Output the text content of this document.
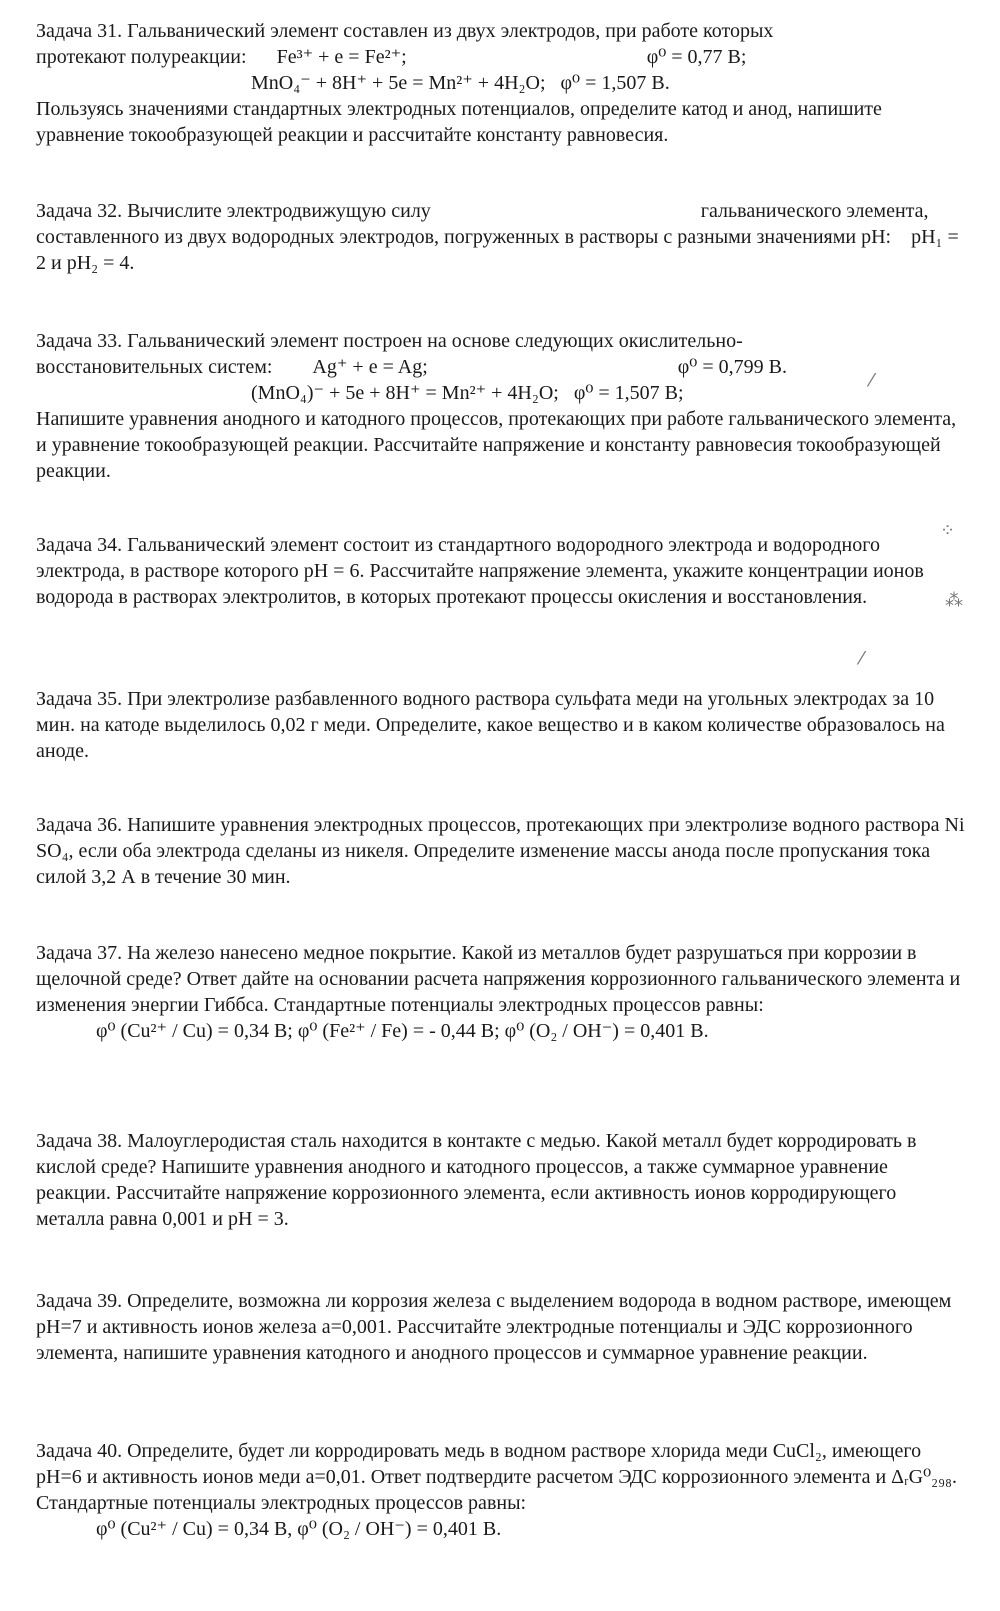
Задача 31. Гальванический элемент составлен из двух электродов, при работе которых

протекают полуреакции: Fe³⁺ + e = Fe²⁺;	φ⁰ = 0,77 В;

MnO₄⁻ + 8H⁺ + 5e = Mn²⁺ + 4H₂O; φ⁰ = 1,507 В.

Пользуясь значениями стандартных электродных потенциалов, определите катод и анод, напишите уравнение токообразующей реакции и рассчитайте константу равновесия.

Задача 32. Вычислите электродвижущую силу	гальванического элемента, составленного из двух водородных электродов, погруженных в растворы с разными значениями pH: pH₁ = 2 и pH₂ = 4.

Задача 33. Гальванический элемент построен на основе следующих окислительно-

восстановительных систем: Ag⁺ + e = Ag;	φ⁰ = 0,799 В.

(MnO₄)⁻ + 5e + 8H⁺ = Mn²⁺ + 4H₂O; φ⁰ = 1,507 В;

Напишите уравнения анодного и катодного процессов, протекающих при работе гальванического элемента, и уравнение токообразующей реакции. Рассчитайте напряжение и константу равновесия токообразующей реакции.

Задача 34. Гальванический элемент состоит из стандартного водородного электрода и водородного электрода, в растворе которого pH = 6. Рассчитайте напряжение элемента, укажите концентрации ионов водорода в растворах электролитов, в которых протекают процессы окисления и восстановления.

Задача 35. При электролизе разбавленного водного раствора сульфата меди на угольных электродах за 10 мин. на катоде выделилось 0,02 г меди. Определите, какое вещество и в каком количестве образовалось на аноде.

Задача 36. Напишите уравнения электродных процессов, протекающих при электролизе водного раствора Ni SO₄, если оба электрода сделаны из никеля. Определите изменение массы анода после пропускания тока силой 3,2 А в течение 30 мин.

Задача 37. На железо нанесено медное покрытие. Какой из металлов будет разрушаться при коррозии в щелочной среде? Ответ дайте на основании расчета напряжения коррозионного гальванического элемента и изменения энергии Гиббса. Стандартные потенциалы электродных процессов равны:

φ⁰ (Cu²⁺ / Cu) = 0,34 В; φ⁰ (Fe²⁺ / Fe) = - 0,44 В; φ⁰ (O₂ / OH⁻) = 0,401 В.

Задача 38. Малоуглеродистая сталь находится в контакте с медью. Какой металл будет корродировать в кислой среде? Напишите уравнения анодного и катодного процессов, а также суммарное уравнение реакции. Рассчитайте напряжение коррозионного элемента, если активность ионов корродирующего металла равна 0,001 и pH = 3.

Задача 39. Определите, возможна ли коррозия железа с выделением водорода в водном растворе, имеющем pH=7 и активность ионов железа a=0,001. Рассчитайте электродные потенциалы и ЭДС коррозионного элемента, напишите уравнения катодного и анодного процессов и суммарное уравнение реакции.

Задача 40. Определите, будет ли корродировать медь в водном растворе хлорида меди CuCl₂, имеющего pH=6 и активность ионов меди a=0,01. Ответ подтвердите расчетом ЭДС коррозионного элемента и ΔᵣG⁰₂₉₈. Стандартные потенциалы электродных процессов равны:

φ⁰ (Cu²⁺ / Cu) = 0,34 В, φ⁰ (O₂ / OH⁻) = 0,401 В.

⁄
⁘
⁂
⁄
